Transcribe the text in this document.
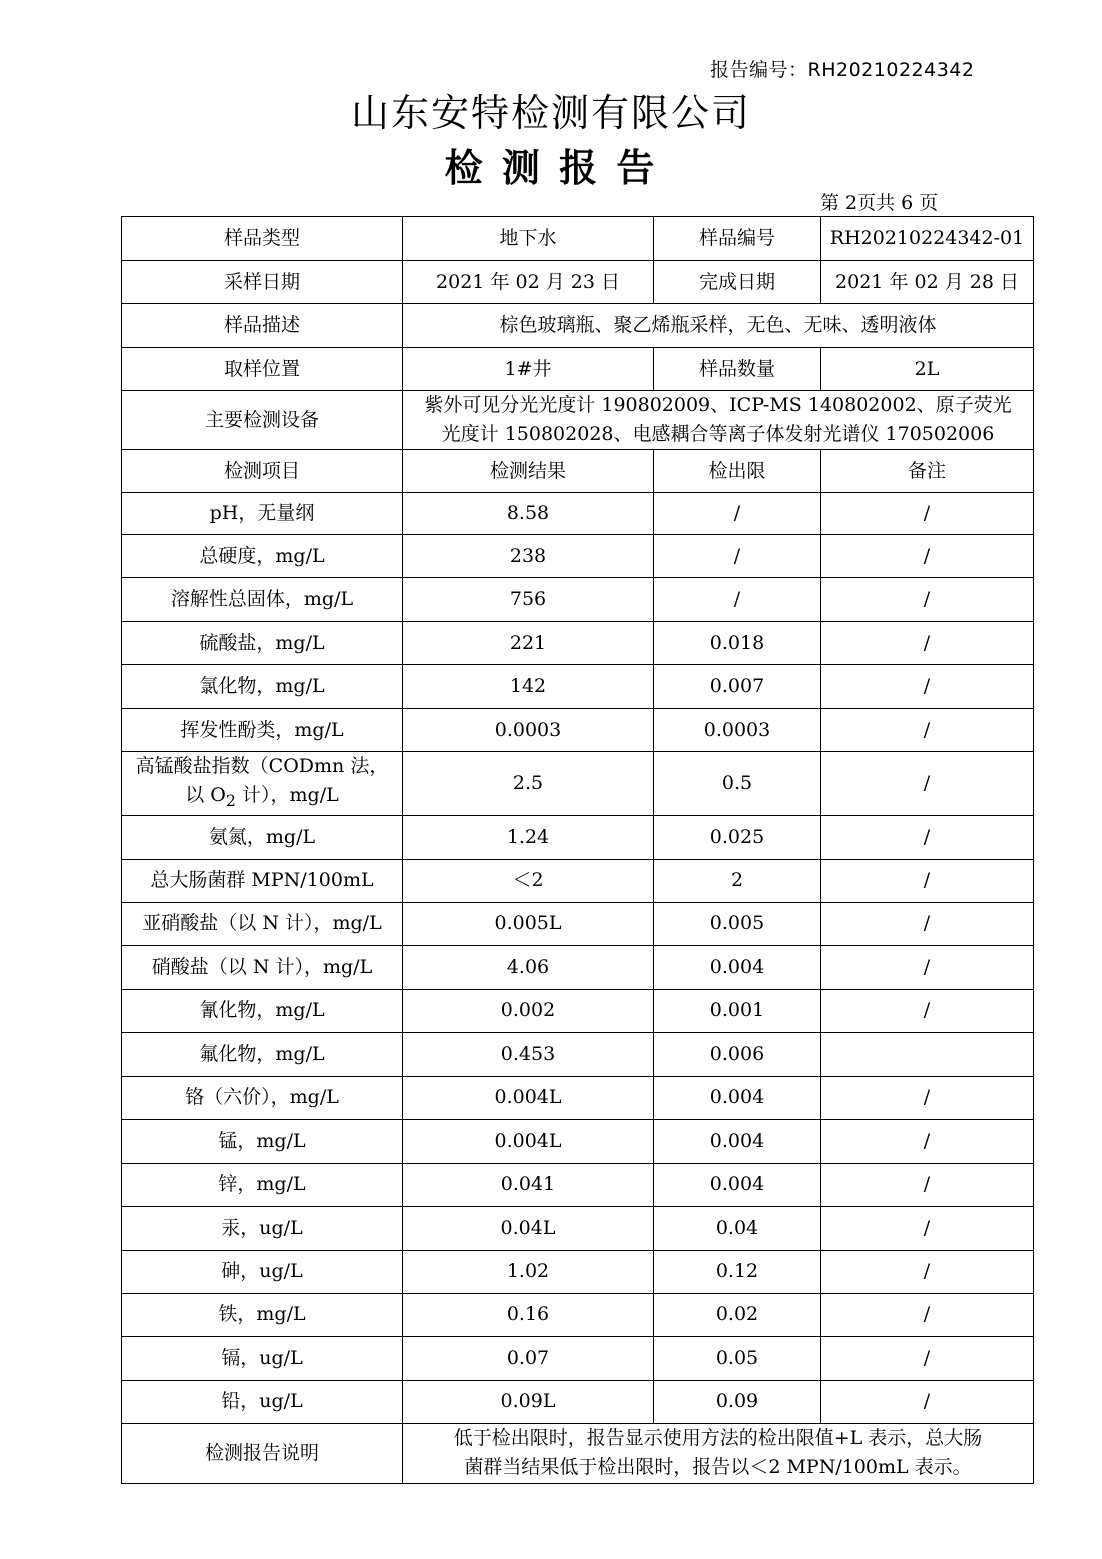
报告编号：RH20210224342
山东安特检测有限公司
检 测 报 告
第 2页共 6 页
样品类型	地下水	样品编号	RH20210224342-01
采样日期	2021 年 02 月 23 日	完成日期	2021 年 02 月 28 日
样品描述	棕色玻璃瓶、聚乙烯瓶采样，无色、无味、透明液体		
取样位置	1#井	样品数量	2L
主要检测设备	紫外可见分光光度计 190802009、ICP-MS 140802002、原子荧光
光度计 150802028、电感耦合等离子体发射光谱仪 170502006		

检测项目	检测结果	检出限	备注
pH，无量纲	8.58	/	/
总硬度，mg/L	238	/	/
溶解性总固体，mg/L	756	/	/
硫酸盐，mg/L	221	0.018	/
氯化物，mg/L	142	0.007	/
挥发性酚类，mg/L	0.0003	0.0003	/

高锰酸盐指数（CODmn 法，
以 $O_2$ 计），mg/L	2.5	0.5	/
氨氮，mg/L	1.24	0.025	/
总大肠菌群 MPN/100mL	＜2	2	/
亚硝酸盐（以 N 计），mg/L	0.005L	0.005	/
硝酸盐（以 N 计），mg/L	4.06	0.004	/
氰化物，mg/L	0.002	0.001	/
氟化物，mg/L	0.453	0.006	
铬（六价），mg/L	0.004L	0.004	/
锰，mg/L	0.004L	0.004	/
锌，mg/L	0.041	0.004	/
汞，ug/L	0.04L	0.04	/
砷，ug/L	1.02	0.12	/
铁，mg/L	0.16	0.02	/
镉，ug/L	0.07	0.05	/
铅，ug/L	0.09L	0.09	/
检测报告说明	低于检出限时，报告显示使用方法的检出限值+L 表示，总大肠
菌群当结果低于检出限时，报告以＜2 MPN/100mL 表示。		
